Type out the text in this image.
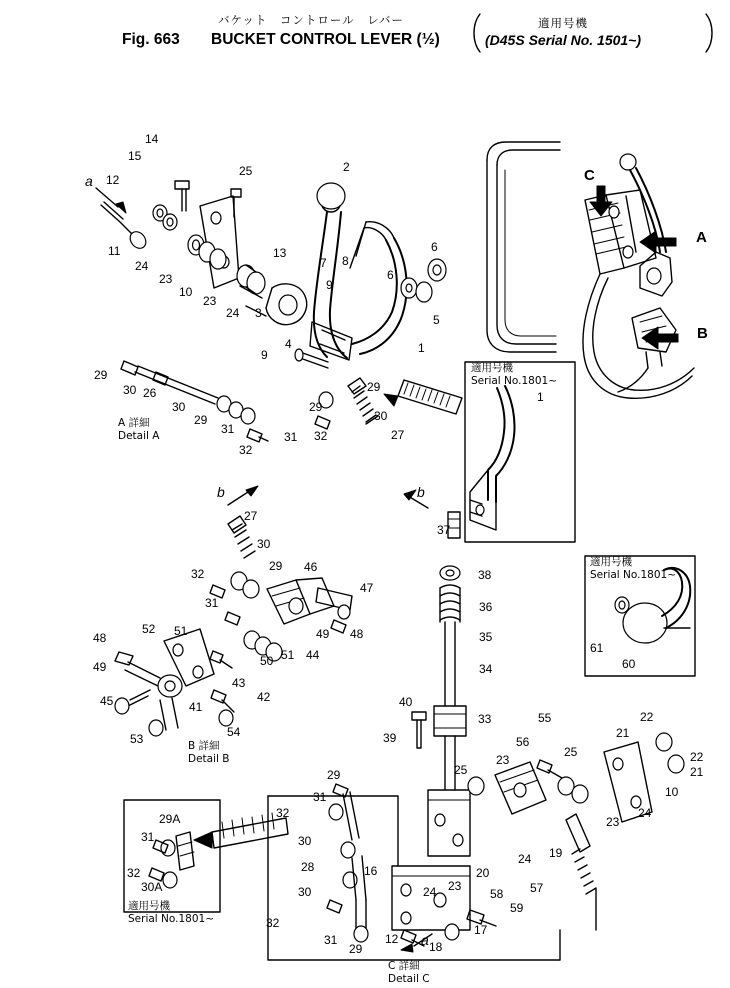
バケット　コントロール　レバー
Fig. 663 BUCKET CONTROL LEVER (½)
適用号機
(D45S Serial No. 1501~)
A 詳細
Detail A
B 詳細
Detail B
C 詳細
Detail C
適用号機
Serial No.1801~
適用号機
Serial No.1801~
適用号機
Serial No.1801~
a
a
b	b
C
A
B
14
15
12
25	2
13
11
24
23
10
23
24 3
7 8
9
6
6
5
1
9
4
29
30 26
30
29
31
32
31 32
29
29
30
27
1
37
61
60
27
30
32
29 46
31
47
49 48
51 44
50
51
52
48
49
45	41
43
42
53	54
38
36
35
34
40
33
39
25
23
55
56
25
22
21
22
21
10
24
23
19
24
57
58
59
20
23
24
16
17
18
12
29
31
32
30
28
30
32
31
29
29A
31
32
30A
